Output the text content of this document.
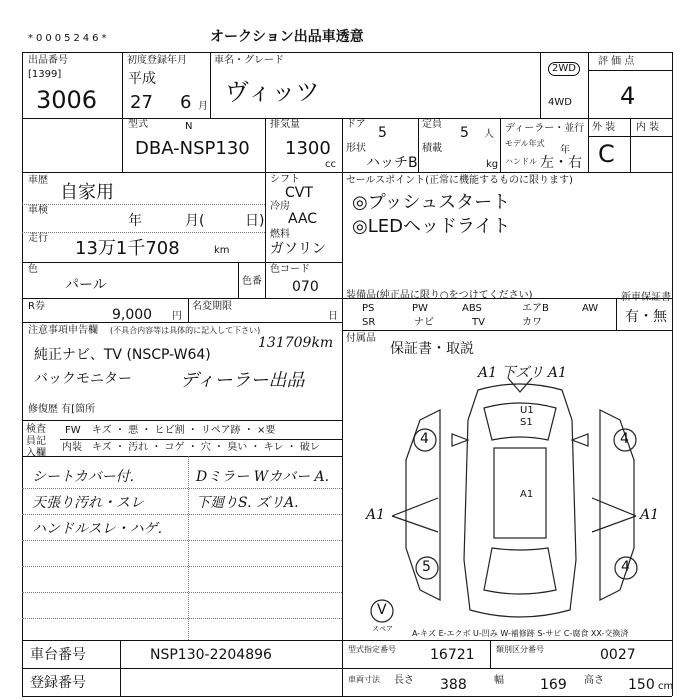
*0005246*	オークション出品車透意
出品番号
[1399]
3006
初度登録年月
平成
27 6 月
車名・グレード
ヴィッツ
2WD
4WD
評 価 点
4
型式	N
DBA-NSP130
排気量
1300
cc
ドア
5
形状
ハッチB
定員
5 人
積載
kg
ディーラー・並行
モデル年式
年
ハンドル 左・右
外 装 内 装
C
車歴
自家用
車検
年	月(	日)
走行 13万1千708	km
シフト
CVT
冷房
AAC
燃料
ガソリン
色
パール	色番
色コード
070
セールスポイント(正常に機能するものに限ります)
◎プッシュスタート
◎LEDヘッドライト
R券
9,000 円
名変期限
日
装備品(純正品に限り○をつけてください)
PS	PW	ABS	エアB	AW
SR	ナビ	TV	カワ
新車保証書
有・無
付属品
保証書・取説
注意事項申告欄 (不具合内容等は具体的に記入して下さい)
131709km
純正ナビ、TV (NSCP-W64)
バックモニター	ディーラー出品
修復歴 有[箇所
検査員記入欄
FW キズ ・ 悪 ・ ヒビ割 ・ リペア跡 ・ ×要
内装 キズ ・ 汚れ ・ コゲ ・ 穴 ・ 臭い ・ キレ ・ 破レ
シートカバー付.
天張り汚れ・スレ
ハンドルスレ・ハゲ.
Dミラー Wカバー A.
下廻りS. ズリA.
A1 下ズリ A1
U1
S1
A1
A1	A1
4	4
5	4
V
スペア A-キズ E-エクボ U-凹み W-補修跡 S-サビ C-腐食 XX-交換済
車台番号	NSP130-2204896	型式指定番号 16721	類別区分番号	0027
登録番号	車両寸法 長さ 388	幅	169 高さ 150 cm
